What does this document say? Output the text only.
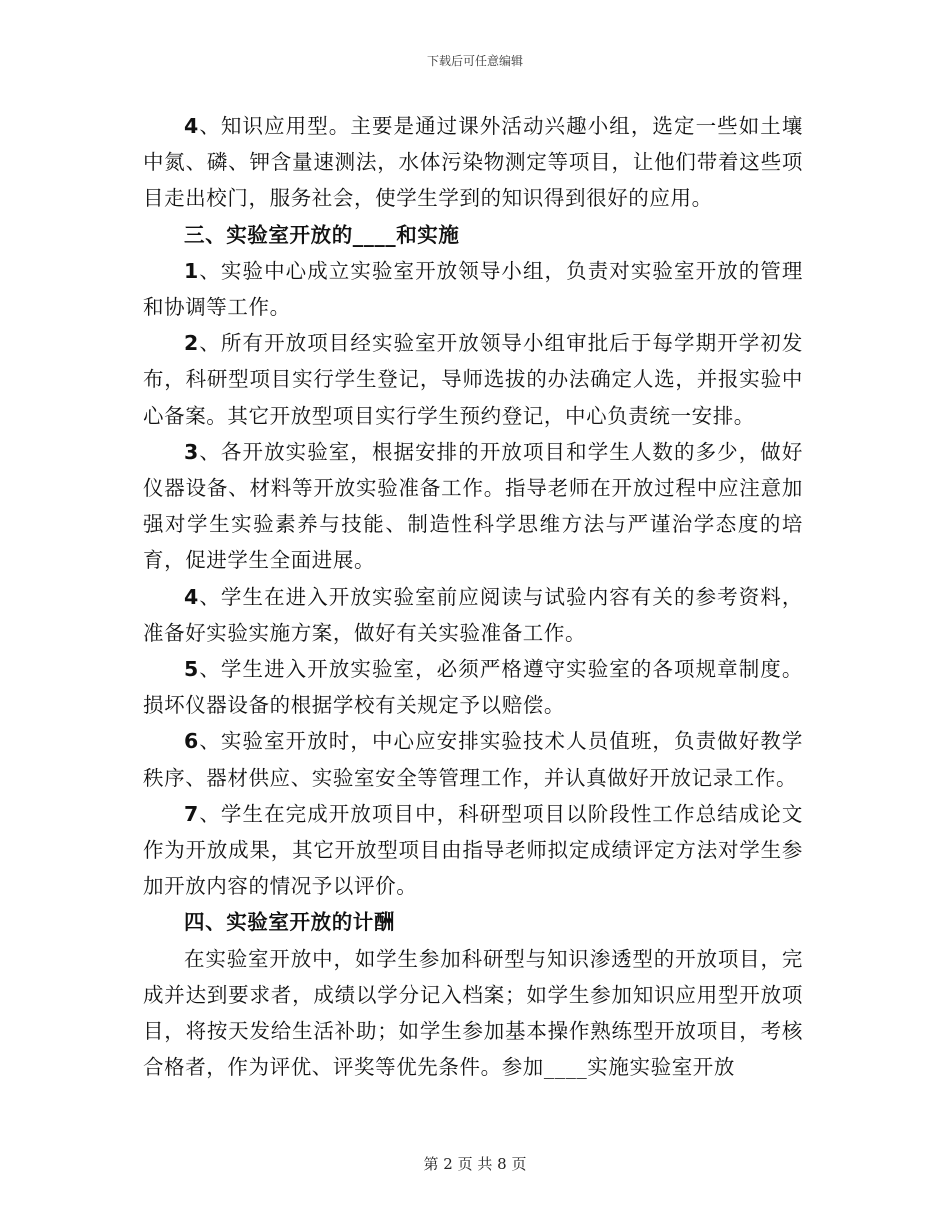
下载后可任意编辑

4、知识应用型。主要是通过课外活动兴趣小组，选定一些如土壤中氮、磷、钾含量速测法，水体污染物测定等项目，让他们带着这些项目走出校门，服务社会，使学生学到的知识得到很好的应用。

三、实验室开放的____和实施

1、实验中心成立实验室开放领导小组，负责对实验室开放的管理和协调等工作。

2、所有开放项目经实验室开放领导小组审批后于每学期开学初发布，科研型项目实行学生登记，导师选拔的办法确定人选，并报实验中心备案。其它开放型项目实行学生预约登记，中心负责统一安排。

3、各开放实验室，根据安排的开放项目和学生人数的多少，做好仪器设备、材料等开放实验准备工作。指导老师在开放过程中应注意加强对学生实验素养与技能、制造性科学思维方法与严谨治学态度的培育，促进学生全面进展。

4、学生在进入开放实验室前应阅读与试验内容有关的参考资料，准备好实验实施方案，做好有关实验准备工作。

5、学生进入开放实验室，必须严格遵守实验室的各项规章制度。损坏仪器设备的根据学校有关规定予以赔偿。

6、实验室开放时，中心应安排实验技术人员值班，负责做好教学秩序、器材供应、实验室安全等管理工作，并认真做好开放记录工作。

7、学生在完成开放项目中，科研型项目以阶段性工作总结成论文作为开放成果，其它开放型项目由指导老师拟定成绩评定方法对学生参加开放内容的情况予以评价。

四、实验室开放的计酬

在实验室开放中，如学生参加科研型与知识渗透型的开放项目，完成并达到要求者，成绩以学分记入档案；如学生参加知识应用型开放项目，将按天发给生活补助；如学生参加基本操作熟练型开放项目，考核合格者，作为评优、评奖等优先条件。参加____实施实验室开放

第 2 页 共 8 页
